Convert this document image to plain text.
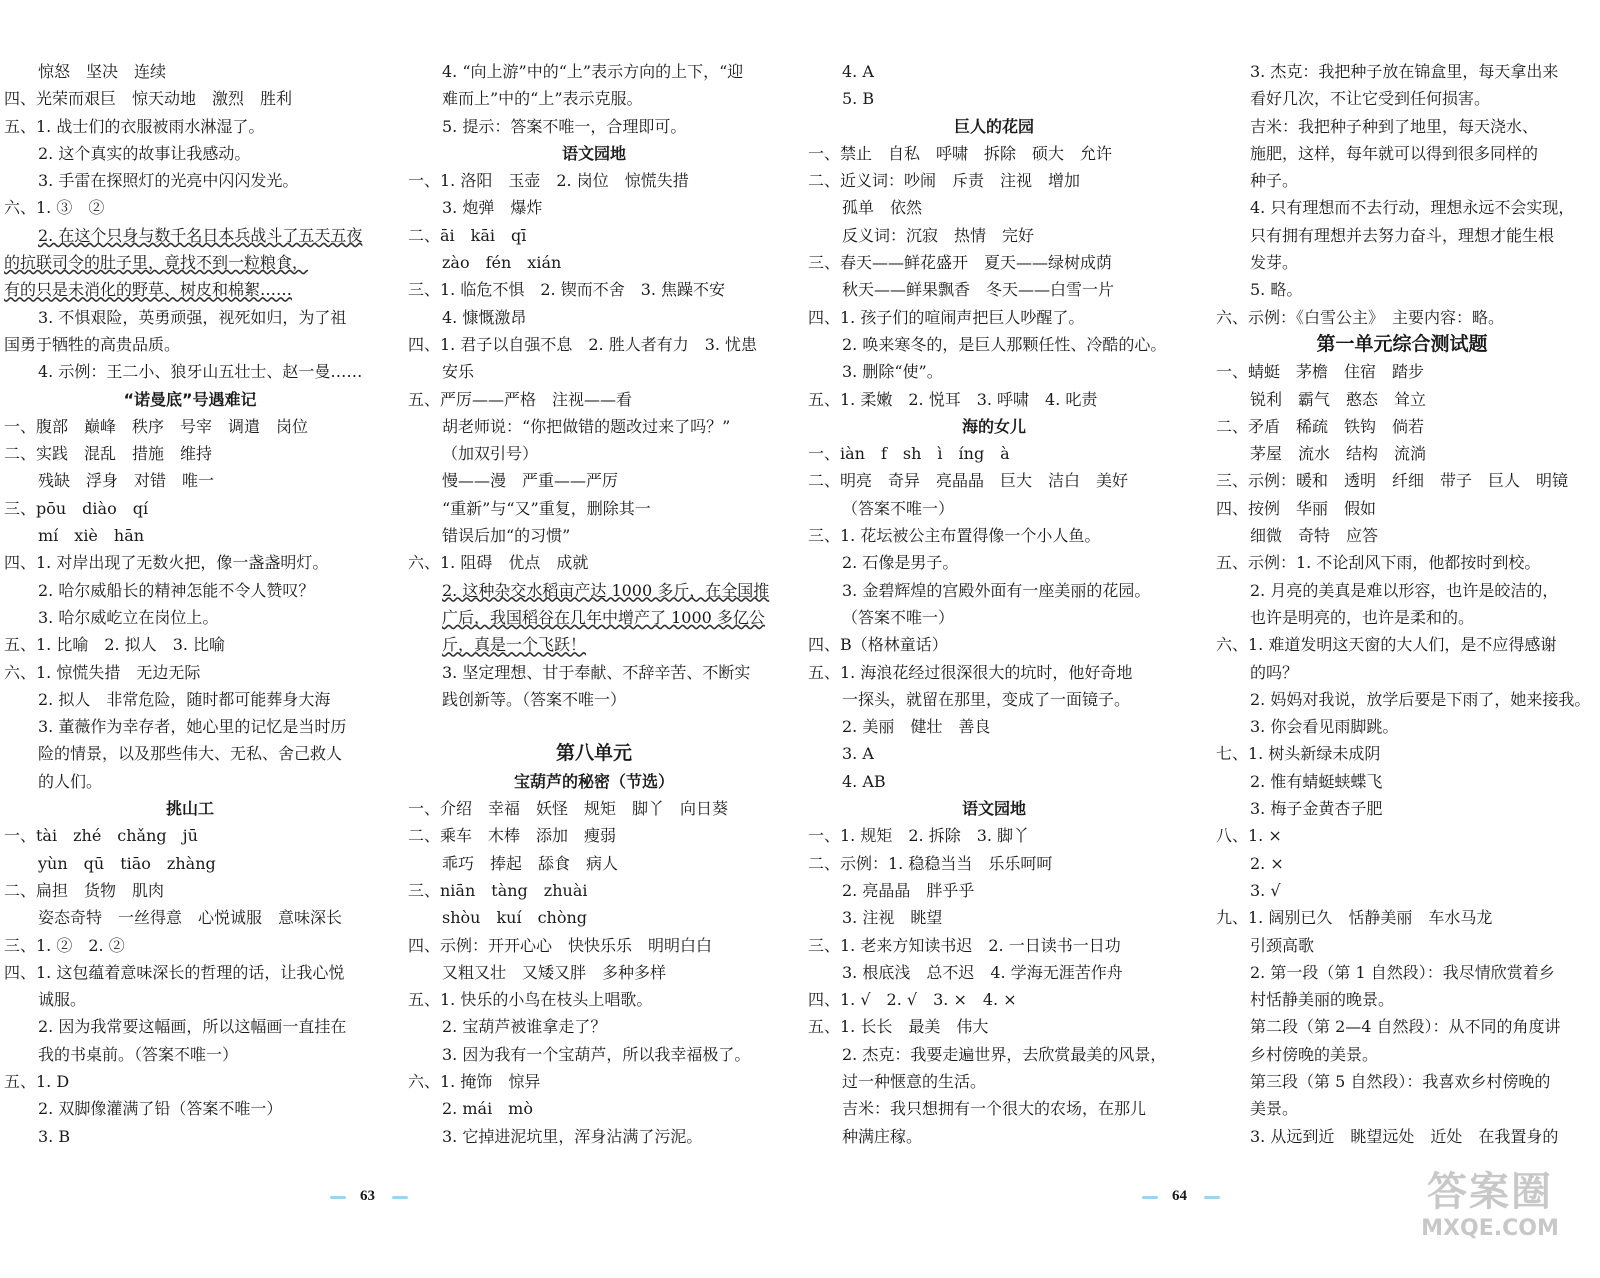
惊怒　坚决　连续
四、光荣而艰巨　惊天动地　激烈　胜利
五、1. 战士们的衣服被雨水淋湿了。
2. 这个真实的故事让我感动。
3. 手雷在探照灯的光亮中闪闪发光。
六、1. ③　②
2. 在这个只身与数千名日本兵战斗了五天五夜
的抗联司令的肚子里，竟找不到一粒粮食，
有的只是未消化的野草、树皮和棉絮……
3. 不惧艰险，英勇顽强，视死如归，为了祖
国勇于牺牲的高贵品质。
4. 示例：王二小、狼牙山五壮士、赵一曼……
“诺曼底”号遇难记
一、腹部　巅峰　秩序　号宰　调遣　岗位
二、实践　混乱　措施　维持
残缺　浮身　对错　唯一
三、pōu　diào　qí
mí　xiè　hān
四、1. 对岸出现了无数火把，像一盏盏明灯。
2. 哈尔威船长的精神怎能不令人赞叹？
3. 哈尔威屹立在岗位上。
五、1. 比喻　2. 拟人　3. 比喻
六、1. 惊慌失措　无边无际
2. 拟人　非常危险，随时都可能葬身大海
3. 董薇作为幸存者，她心里的记忆是当时历
险的情景，以及那些伟大、无私、舍己救人
的人们。
挑山工
一、tài　zhé　chǎng　jū
yùn　qū　tiāo　zhàng
二、扁担　货物　肌肉
姿态奇特　一丝得意　心悦诚服　意味深长
三、1. ②　2. ②
四、1. 这包蕴着意味深长的哲理的话，让我心悦
诚服。
2. 因为我常要这幅画，所以这幅画一直挂在
我的书桌前。（答案不唯一）
五、1. D
2. 双脚像灌满了铅（答案不唯一）
3. B
4. “向上游”中的“上”表示方向的上下，“迎
难而上”中的“上”表示克服。
5. 提示：答案不唯一，合理即可。
语文园地
一、1. 洛阳　玉壶　2. 岗位　惊慌失措
3. 炮弹　爆炸
二、āi　kāi　qī
zào　fén　xián
三、1. 临危不惧　2. 锲而不舍　3. 焦躁不安
4. 慷慨激昂
四、1. 君子以自强不息　2. 胜人者有力　3. 忧患
安乐
五、严厉——严格　注视——看
胡老师说：“你把做错的题改过来了吗？”
（加双引号）
慢——漫　严重——严厉
“重新”与“又”重复，删除其一
错误后加“的习惯”
六、1. 阻碍　优点　成就
2. 这种杂交水稻亩产达 1000 多斤，在全国推
广后，我国稻谷在几年中增产了 1000 多亿公
斤，真是一个飞跃！
3. 坚定理想、甘于奉献、不辞辛苦、不断实
践创新等。（答案不唯一）

第八单元
宝葫芦的秘密（节选）
一、介绍　幸福　妖怪　规矩　脚丫　向日葵
二、乘车　木棒　添加　瘦弱
乖巧　捧起　舔食　病人
三、niān　tàng　zhuài
shòu　kuí　chòng
四、示例：开开心心　快快乐乐　明明白白
又粗又壮　又矮又胖　多种多样
五、1. 快乐的小鸟在枝头上唱歌。
2. 宝葫芦被谁拿走了？
3. 因为我有一个宝葫芦，所以我幸福极了。
六、1. 掩饰　惊异
2. mái　mò
3. 它掉进泥坑里，浑身沾满了污泥。
4. A
5. B
巨人的花园
一、禁止　自私　呼啸　拆除　硕大　允许
二、近义词：吵闹　斥责　注视　增加
孤单　依然
反义词：沉寂　热情　完好
三、春天——鲜花盛开　夏天——绿树成荫
秋天——鲜果飘香　冬天——白雪一片
四、1. 孩子们的喧闹声把巨人吵醒了。
2. 唤来寒冬的，是巨人那颗任性、冷酷的心。
3. 删除“使”。
五、1. 柔嫩　2. 悦耳　3. 呼啸　4. 叱责
海的女儿
一、iàn　f　sh　ì　íng　à
二、明亮　奇异　亮晶晶　巨大　洁白　美好
（答案不唯一）
三、1. 花坛被公主布置得像一个小人鱼。
2. 石像是男子。
3. 金碧辉煌的宫殿外面有一座美丽的花园。
（答案不唯一）
四、B（格林童话）
五、1. 海浪花经过很深很大的坑时，他好奇地
一探头，就留在那里，变成了一面镜子。
2. 美丽　健壮　善良
3. A
4. AB
语文园地
一、1. 规矩　2. 拆除　3. 脚丫
二、示例：1. 稳稳当当　乐乐呵呵
2. 亮晶晶　胖乎乎
3. 注视　眺望
三、1. 老来方知读书迟　2. 一日读书一日功
3. 根底浅　总不迟　4. 学海无涯苦作舟
四、1. √　2. √　3. ×　4. ×
五、1. 长长　最美　伟大
2. 杰克：我要走遍世界，去欣赏最美的风景，
过一种惬意的生活。
吉米：我只想拥有一个很大的农场，在那儿
种满庄稼。
3. 杰克：我把种子放在锦盒里，每天拿出来
看好几次，不让它受到任何损害。
吉米：我把种子种到了地里，每天浇水、
施肥，这样，每年就可以得到很多同样的
种子。
4. 只有理想而不去行动，理想永远不会实现，
只有拥有理想并去努力奋斗，理想才能生根
发芽。
5. 略。
六、示例：《白雪公主》　主要内容：略。
第一单元综合测试题
一、蜻蜓　茅檐　住宿　踏步
锐利　霸气　憨态　耸立
二、矛盾　稀疏　铁钩　倘若
茅屋　流水　结构　流淌
三、示例：暖和　透明　纤细　带子　巨人　明镜
四、按例　华丽　假如
细微　奇特　应答
五、示例：1. 不论刮风下雨，他都按时到校。
2. 月亮的美真是难以形容，也许是皎洁的，
也许是明亮的，也许是柔和的。
六、1. 难道发明这天窗的大人们，是不应得感谢
的吗？
2. 妈妈对我说，放学后要是下雨了，她来接我。
3. 你会看见雨脚跳。
七、1. 树头新绿未成阴
2. 惟有蜻蜓蛱蝶飞
3. 梅子金黄杏子肥
八、1. ×
2. ×
3. √
九、1. 阔别已久　恬静美丽　车水马龙
引颈高歌
2. 第一段（第 1 自然段）：我尽情欣赏着乡
村恬静美丽的晚景。
第二段（第 2—4 自然段）：从不同的角度讲
乡村傍晚的美景。
第三段（第 5 自然段）：我喜欢乡村傍晚的
美景。
3. 从远到近　眺望远处　近处　在我置身的
63	64	答案圈
MXQE.COM
